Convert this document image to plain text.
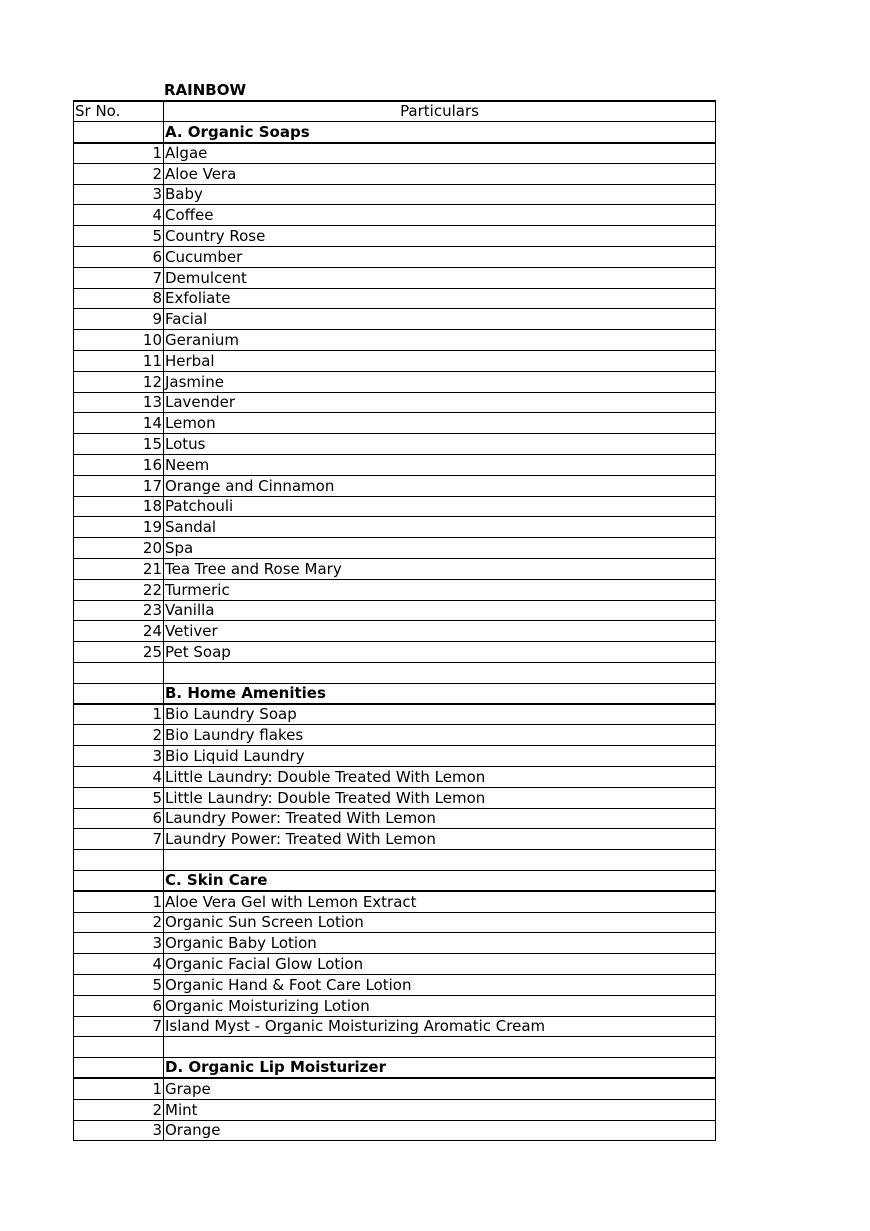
RAINBOW
Sr No.	Particulars
	A. Organic Soaps
1	Algae
2	Aloe Vera
3	Baby
4	Coffee
5	Country Rose
6	Cucumber
7	Demulcent
8	Exfoliate
9	Facial
10	Geranium
11	Herbal
12	Jasmine
13	Lavender
14	Lemon
15	Lotus
16	Neem
17	Orange and Cinnamon
18	Patchouli
19	Sandal
20	Spa
21	Tea Tree and Rose Mary
22	Turmeric
23	Vanilla
24	Vetiver
25	Pet Soap

	B. Home Amenities
1	Bio Laundry Soap
2	Bio Laundry flakes
3	Bio Liquid Laundry
4	Little Laundry: Double Treated With Lemon
5	Little Laundry: Double Treated With Lemon
6	Laundry Power: Treated With Lemon
7	Laundry Power: Treated With Lemon

	C. Skin Care
1	Aloe Vera Gel with Lemon Extract
2	Organic Sun Screen Lotion
3	Organic Baby Lotion
4	Organic Facial Glow Lotion
5	Organic Hand & Foot Care Lotion
6	Organic Moisturizing Lotion
7	Island Myst - Organic Moisturizing Aromatic Cream

	D. Organic Lip Moisturizer
1	Grape
2	Mint
3	Orange
